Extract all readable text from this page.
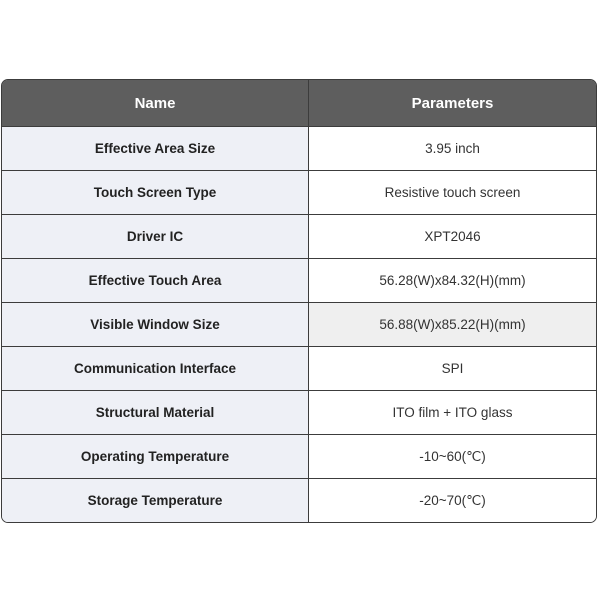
Name	Parameters
Effective Area Size	3.95 inch
Touch Screen Type	Resistive touch screen
Driver IC	XPT2046
Effective Touch Area	56.28(W)x84.32(H)(mm)
Visible Window Size	56.88(W)x85.22(H)(mm)
Communication Interface	SPI
Structural Material	ITO film + ITO glass
Operating Temperature	-10~60(℃)
Storage Temperature	-20~70(℃)
